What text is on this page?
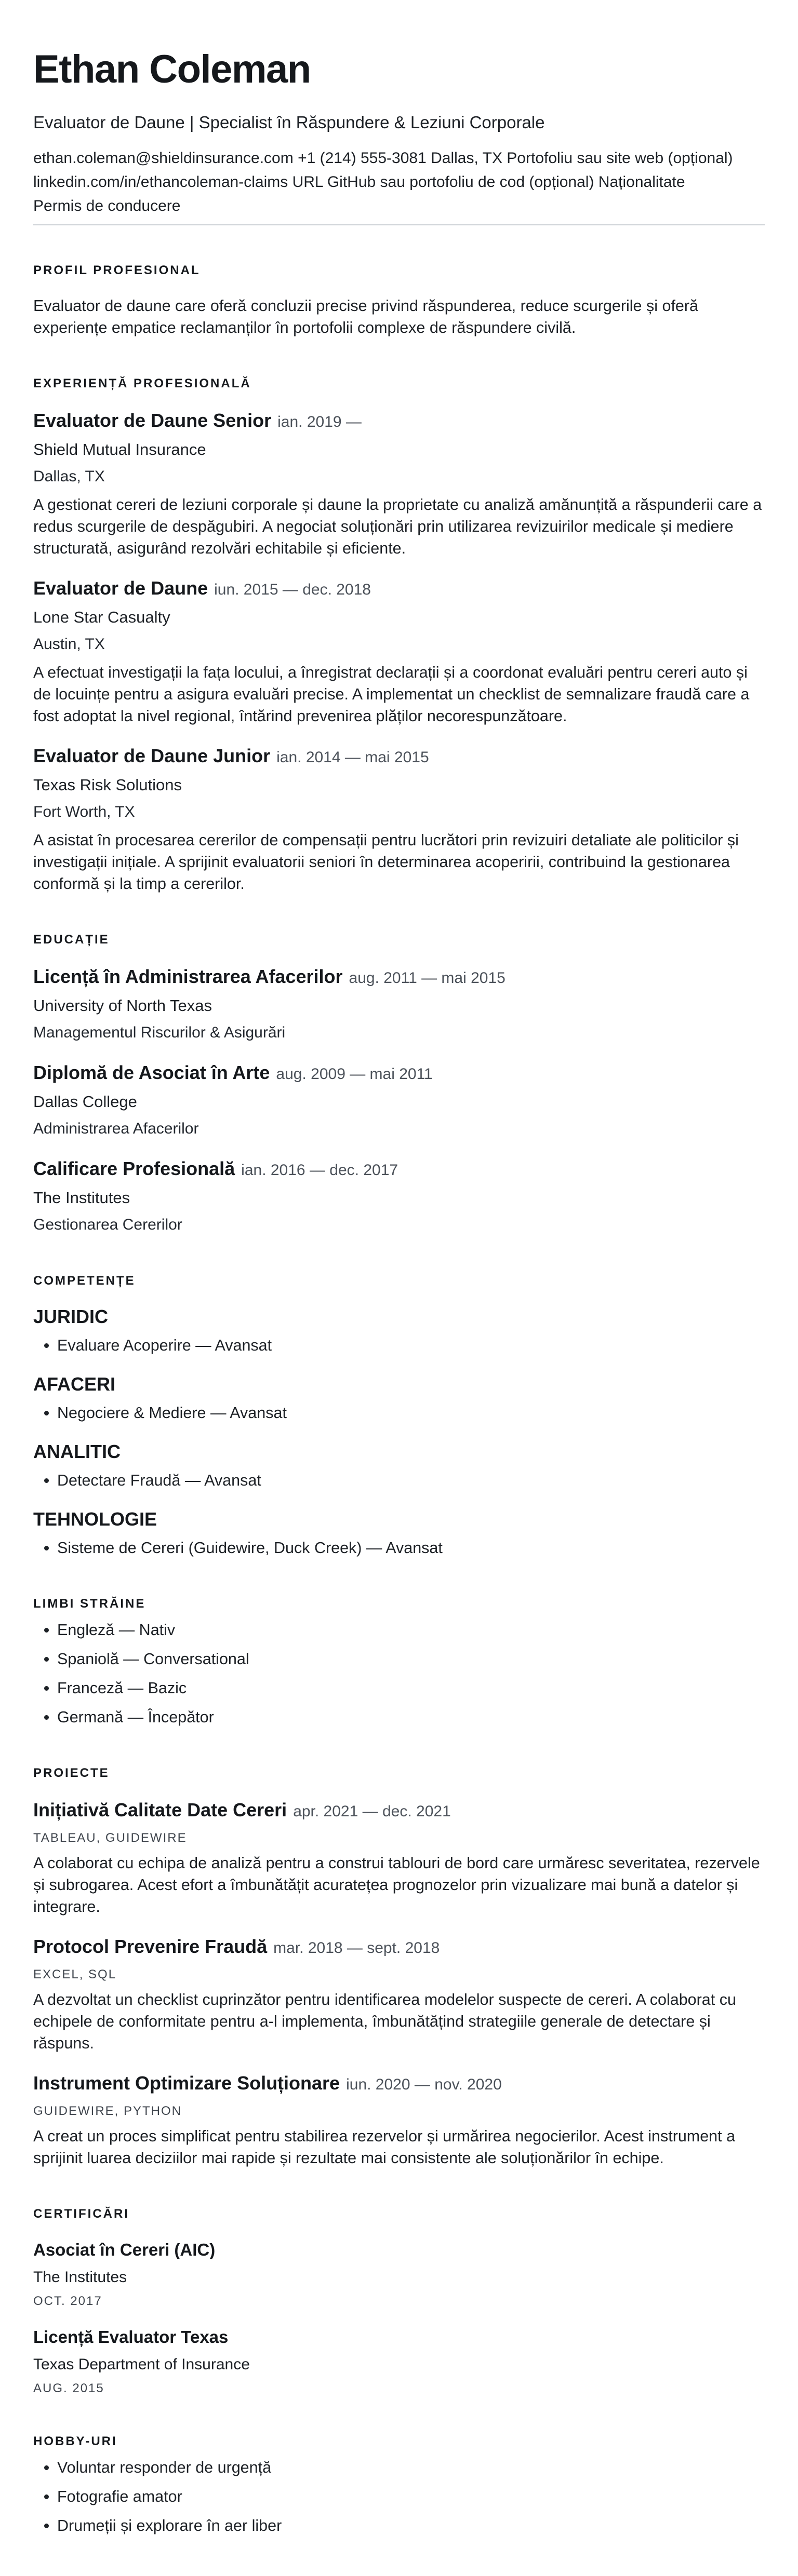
Ethan Coleman
Evaluator de Daune | Specialist în Răspundere & Leziuni Corporale
ethan.coleman@shieldinsurance.com +1 (214) 555-3081 Dallas, TX Portofoliu sau site web (opțional)
linkedin.com/in/ethancoleman-claims URL GitHub sau portofoliu de cod (opțional) Naționalitate
Permis de conducere
PROFIL PROFESIONAL

Evaluator de daune care oferă concluzii precise privind răspunderea, reduce scurgerile și oferă experiențe empatice reclamanților în portofolii complexe de răspundere civilă.

EXPERIENȚĂ PROFESIONALĂ
Evaluator de Daune Senior ian. 2019 —
Shield Mutual Insurance
Dallas, TX

A gestionat cereri de leziuni corporale și daune la proprietate cu analiză amănunțită a răspunderii care a redus scurgerile de despăgubiri. A negociat soluționări prin utilizarea revizuirilor medicale și mediere structurată, asigurând rezolvări echitabile și eficiente.

Evaluator de Daune iun. 2015 — dec. 2018
Lone Star Casualty
Austin, TX

A efectuat investigații la fața locului, a înregistrat declarații și a coordonat evaluări pentru cereri auto și de locuințe pentru a asigura evaluări precise. A implementat un checklist de semnalizare fraudă care a fost adoptat la nivel regional, întărind prevenirea plăților necorespunzătoare.

Evaluator de Daune Junior ian. 2014 — mai 2015
Texas Risk Solutions
Fort Worth, TX

A asistat în procesarea cererilor de compensații pentru lucrători prin revizuiri detaliate ale politicilor și investigații inițiale. A sprijinit evaluatorii seniori în determinarea acoperirii, contribuind la gestionarea conformă și la timp a cererilor.

EDUCAȚIE
Licență în Administrarea Afacerilor aug. 2011 — mai 2015
University of North Texas
Managementul Riscurilor & Asigurări
Diplomă de Asociat în Arte aug. 2009 — mai 2011
Dallas College
Administrarea Afacerilor
Calificare Profesională ian. 2016 — dec. 2017
The Institutes
Gestionarea Cererilor
COMPETENȚE
JURIDIC
• Evaluare Acoperire — Avansat
AFACERI
• Negociere & Mediere — Avansat
ANALITIC
• Detectare Fraudă — Avansat
TEHNOLOGIE
• Sisteme de Cereri (Guidewire, Duck Creek) — Avansat
LIMBI STRĂINE
• Engleză — Nativ
• Spaniolă — Conversational
• Franceză — Bazic
• Germană — Începător
PROIECTE
Inițiativă Calitate Date Cereri apr. 2021 — dec. 2021
TABLEAU, GUIDEWIRE

A colaborat cu echipa de analiză pentru a construi tablouri de bord care urmăresc severitatea, rezervele și subrogarea. Acest efort a îmbunătățit acuratețea prognozelor prin vizualizare mai bună a datelor și integrare.

Protocol Prevenire Fraudă mar. 2018 — sept. 2018
EXCEL, SQL

A dezvoltat un checklist cuprinzător pentru identificarea modelelor suspecte de cereri. A colaborat cu echipele de conformitate pentru a-l implementa, îmbunătățind strategiile generale de detectare și răspuns.

Instrument Optimizare Soluționare iun. 2020 — nov. 2020
GUIDEWIRE, PYTHON

A creat un proces simplificat pentru stabilirea rezervelor și urmărirea negocierilor. Acest instrument a sprijinit luarea deciziilor mai rapide și rezultate mai consistente ale soluționărilor în echipe.

CERTIFICĂRI
Asociat în Cereri (AIC)
The Institutes
OCT. 2017
Licență Evaluator Texas
Texas Department of Insurance
AUG. 2015
HOBBY-URI
• Voluntar responder de urgență
• Fotografie amator
• Drumeții și explorare în aer liber
